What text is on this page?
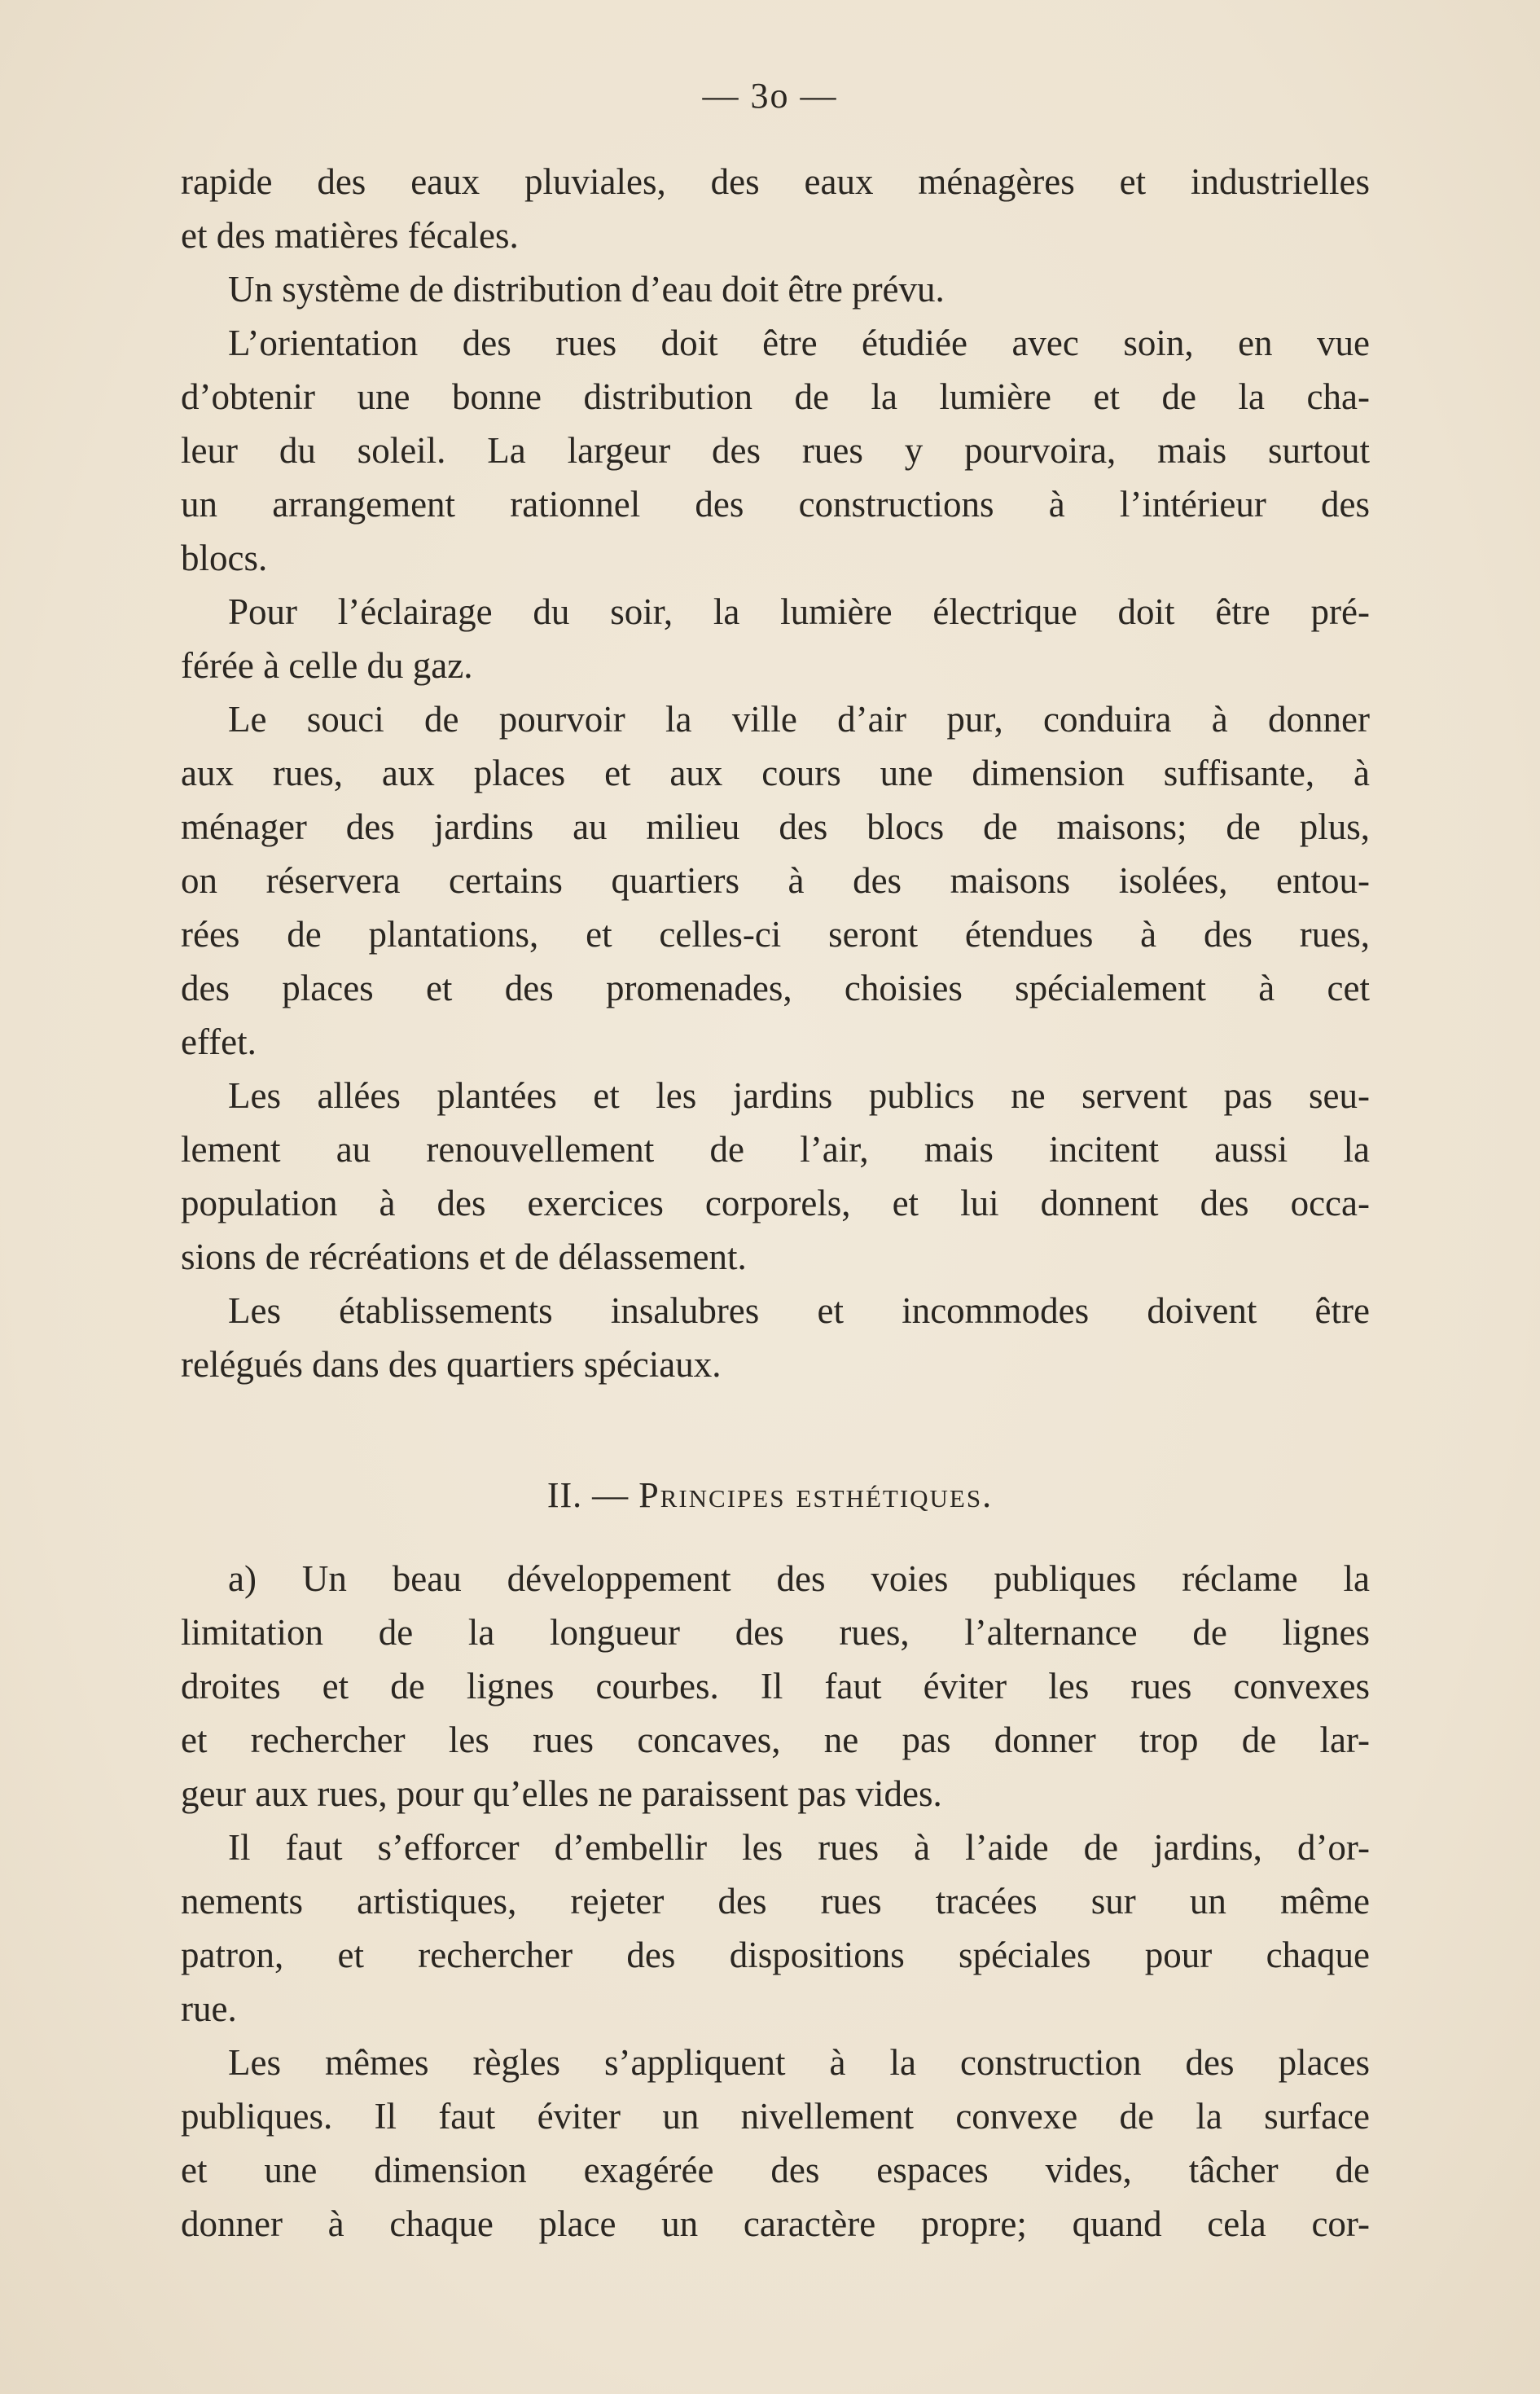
— 3o —
rapide des eaux pluviales, des eaux ménagères et industrielles
et des matières fécales.
Un système de distribution d’eau doit être prévu.
L’orientation des rues doit être étudiée avec soin, en vue
d’obtenir une bonne distribution de la lumière et de la cha-
leur du soleil. La largeur des rues y pourvoira, mais surtout
un arrangement rationnel des constructions à l’intérieur des
blocs.
Pour l’éclairage du soir, la lumière électrique doit être pré-
férée à celle du gaz.
Le souci de pourvoir la ville d’air pur, conduira à donner
aux rues, aux places et aux cours une dimension suffisante, à
ménager des jardins au milieu des blocs de maisons; de plus,
on réservera certains quartiers à des maisons isolées, entou-
rées de plantations, et celles-ci seront étendues à des rues,
des places et des promenades, choisies spécialement à cet
effet.
Les allées plantées et les jardins publics ne servent pas seu-
lement au renouvellement de l’air, mais incitent aussi la
population à des exercices corporels, et lui donnent des occa-
sions de récréations et de délassement.
Les établissements insalubres et incommodes doivent être
relégués dans des quartiers spéciaux.
II. — Principes esthétiques.
a) Un beau développement des voies publiques réclame la
limitation de la longueur des rues, l’alternance de lignes
droites et de lignes courbes. Il faut éviter les rues convexes
et rechercher les rues concaves, ne pas donner trop de lar-
geur aux rues, pour qu’elles ne paraissent pas vides.
Il faut s’efforcer d’embellir les rues à l’aide de jardins, d’or-
nements artistiques, rejeter des rues tracées sur un même
patron, et rechercher des dispositions spéciales pour chaque
rue.
Les mêmes règles s’appliquent à la construction des places
publiques. Il faut éviter un nivellement convexe de la surface
et une dimension exagérée des espaces vides, tâcher de
donner à chaque place un caractère propre; quand cela cor-
